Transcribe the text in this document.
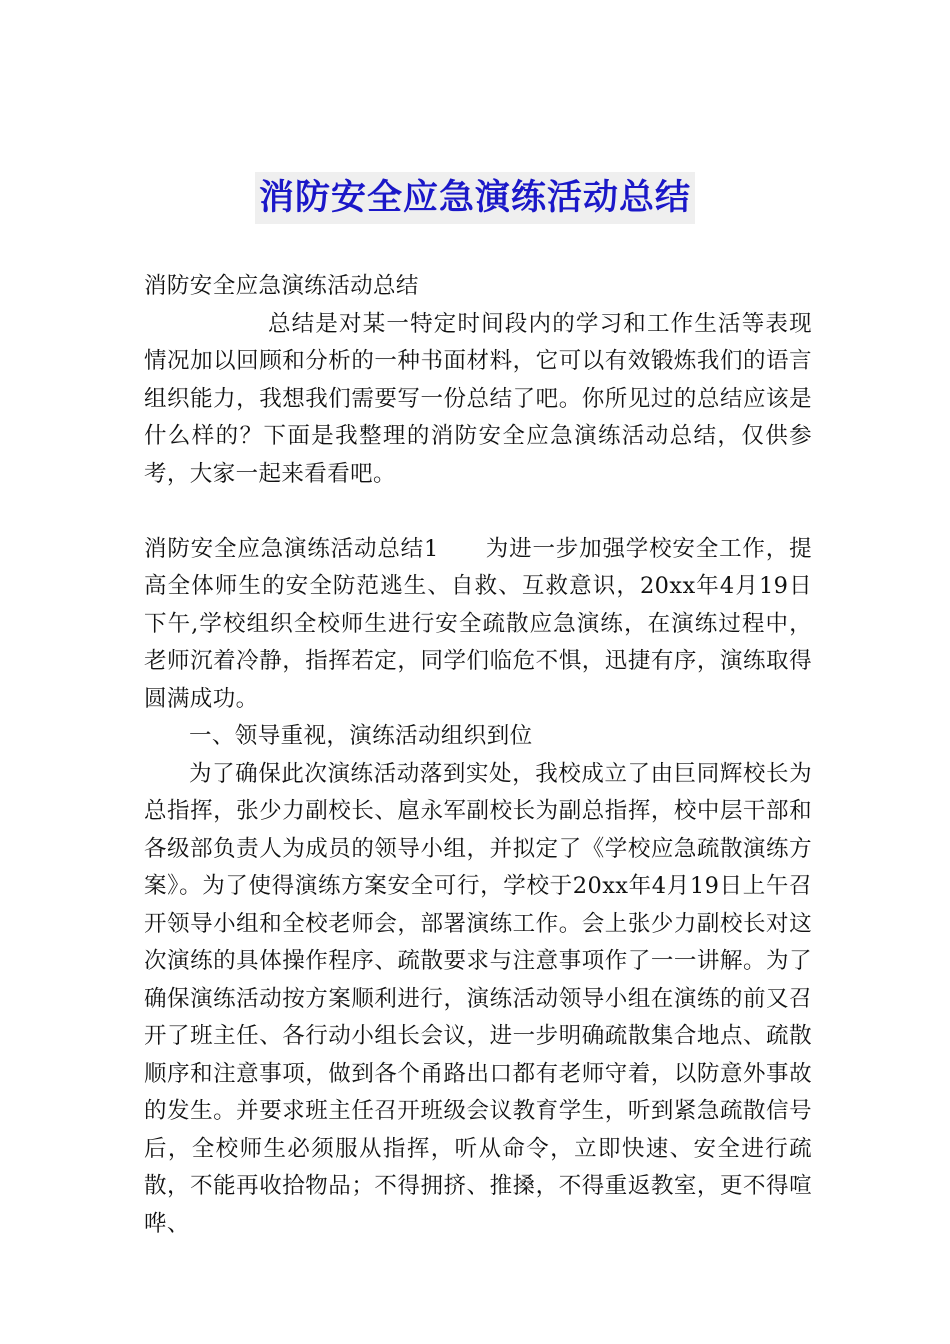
消防安全应急演练活动总结

消防安全应急演练活动总结

总结是对某一特定时间段内的学习和工作生活等表现情况加以回顾和分析的一种书面材料，它可以有效锻炼我们的语言组织能力，我想我们需要写一份总结了吧。你所见过的总结应该是什么样的？下面是我整理的消防安全应急演练活动总结，仅供参考，大家一起来看看吧。

消防安全应急演练活动总结1　　为进一步加强学校安全工作，提高全体师生的安全防范逃生、自救、互救意识，20xx年4月19日下午,学校组织全校师生进行安全疏散应急演练，在演练过程中，老师沉着冷静，指挥若定，同学们临危不惧，迅捷有序，演练取得圆满成功。

一、领导重视，演练活动组织到位

为了确保此次演练活动落到实处，我校成立了由巨同辉校长为总指挥，张少力副校长、扈永军副校长为副总指挥，校中层干部和各级部负责人为成员的领导小组，并拟定了《学校应急疏散演练方案》。为了使得演练方案安全可行，学校于20xx年4月19日上午召开领导小组和全校老师会，部署演练工作。会上张少力副校长对这次演练的具体操作程序、疏散要求与注意事项作了一一讲解。为了确保演练活动按方案顺利进行，演练活动领导小组在演练的前又召开了班主任、各行动小组长会议，进一步明确疏散集合地点、疏散顺序和注意事项，做到各个甬路出口都有老师守着，以防意外事故的发生。并要求班主任召开班级会议教育学生，听到紧急疏散信号后，全校师生必须服从指挥，听从命令，立即快速、安全进行疏散，不能再收拾物品；不得拥挤、推搡，不得重返教室，更不得喧哗、
